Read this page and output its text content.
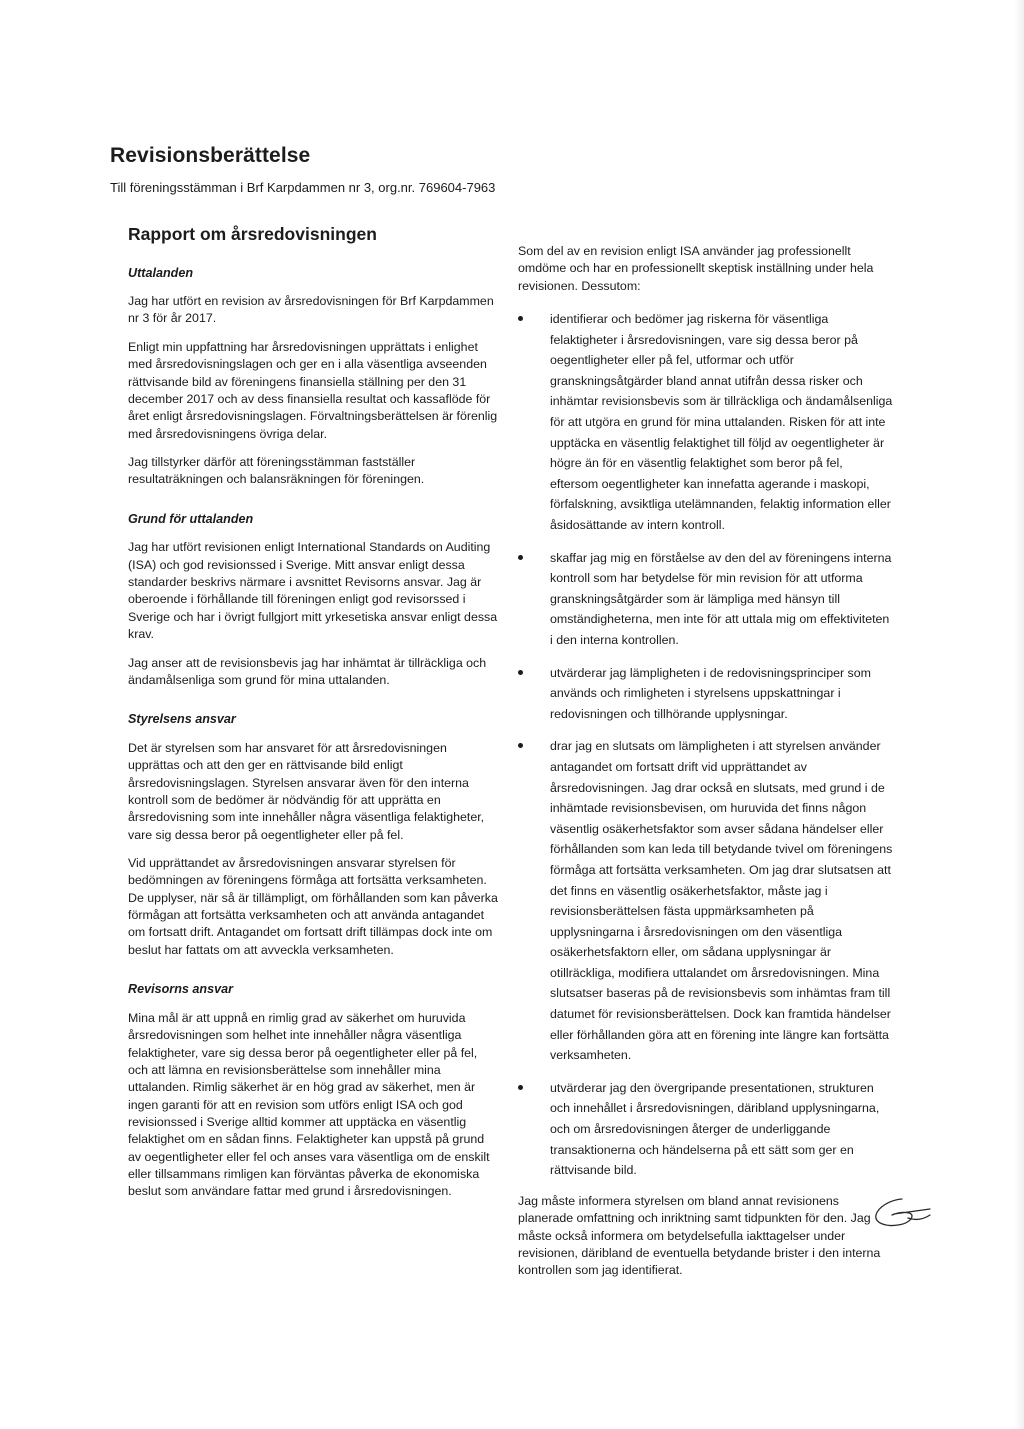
Revisionsberättelse

Till föreningsstämman i Brf Karpdammen nr 3, org.nr. 769604-7963

Rapport om årsredovisningen
Uttalanden

Jag har utfört en revision av årsredovisningen för Brf Karpdammen nr 3 för år 2017.

Enligt min uppfattning har årsredovisningen upprättats i enlighet med årsredovisningslagen och ger en i alla väsentliga avseenden rättvisande bild av föreningens finansiella ställning per den 31 december 2017 och av dess finansiella resultat och kassaflöde för året enligt årsredovisningslagen. Förvaltningsberättelsen är förenlig med årsredovisningens övriga delar.

Jag tillstyrker därför att föreningsstämman fastställer resultaträkningen och balansräkningen för föreningen.

Grund för uttalanden

Jag har utfört revisionen enligt International Standards on Auditing (ISA) och god revisionssed i Sverige. Mitt ansvar enligt dessa standarder beskrivs närmare i avsnittet Revisorns ansvar. Jag är oberoende i förhållande till föreningen enligt god revisorssed i Sverige och har i övrigt fullgjort mitt yrkesetiska ansvar enligt dessa krav.

Jag anser att de revisionsbevis jag har inhämtat är tillräckliga och ändamålsenliga som grund för mina uttalanden.

Styrelsens ansvar

Det är styrelsen som har ansvaret för att årsredovisningen upprättas och att den ger en rättvisande bild enligt årsredovisningslagen. Styrelsen ansvarar även för den interna kontroll som de bedömer är nödvändig för att upprätta en årsredovisning som inte innehåller några väsentliga felaktigheter, vare sig dessa beror på oegentligheter eller på fel.

Vid upprättandet av årsredovisningen ansvarar styrelsen för bedömningen av föreningens förmåga att fortsätta verksamheten. De upplyser, när så är tillämpligt, om förhållanden som kan påverka förmågan att fortsätta verksamheten och att använda antagandet om fortsatt drift. Antagandet om fortsatt drift tillämpas dock inte om beslut har fattats om att avveckla verksamheten.

Revisorns ansvar

Mina mål är att uppnå en rimlig grad av säkerhet om huruvida årsredovisningen som helhet inte innehåller några väsentliga felaktigheter, vare sig dessa beror på oegentligheter eller på fel, och att lämna en revisionsberättelse som innehåller mina uttalanden. Rimlig säkerhet är en hög grad av säkerhet, men är ingen garanti för att en revision som utförs enligt ISA och god revisionssed i Sverige alltid kommer att upptäcka en väsentlig felaktighet om en sådan finns. Felaktigheter kan uppstå på grund av oegentligheter eller fel och anses vara väsentliga om de enskilt eller tillsammans rimligen kan förväntas påverka de ekonomiska beslut som användare fattar med grund i årsredovisningen.

Som del av en revision enligt ISA använder jag professionellt omdöme och har en professionellt skeptisk inställning under hela revisionen. Dessutom:

identifierar och bedömer jag riskerna för väsentliga felaktigheter i årsredovisningen, vare sig dessa beror på oegentligheter eller på fel, utformar och utför granskningsåtgärder bland annat utifrån dessa risker och inhämtar revisionsbevis som är tillräckliga och ändamålsenliga för att utgöra en grund för mina uttalanden. Risken för att inte upptäcka en väsentlig felaktighet till följd av oegentligheter är högre än för en väsentlig felaktighet som beror på fel, eftersom oegentligheter kan innefatta agerande i maskopi, förfalskning, avsiktliga utelämnanden, felaktig information eller åsidosättande av intern kontroll.
skaffar jag mig en förståelse av den del av föreningens interna kontroll som har betydelse för min revision för att utforma granskningsåtgärder som är lämpliga med hänsyn till omständigheterna, men inte för att uttala mig om effektiviteten i den interna kontrollen.
utvärderar jag lämpligheten i de redovisningsprinciper som används och rimligheten i styrelsens uppskattningar i redovisningen och tillhörande upplysningar.
drar jag en slutsats om lämpligheten i att styrelsen använder antagandet om fortsatt drift vid upprättandet av årsredovisningen. Jag drar också en slutsats, med grund i de inhämtade revisionsbevisen, om huruvida det finns någon väsentlig osäkerhetsfaktor som avser sådana händelser eller förhållanden som kan leda till betydande tvivel om föreningens förmåga att fortsätta verksamheten. Om jag drar slutsatsen att det finns en väsentlig osäkerhetsfaktor, måste jag i revisionsberättelsen fästa uppmärksamheten på upplysningarna i årsredovisningen om den väsentliga osäkerhetsfaktorn eller, om sådana upplysningar är otillräckliga, modifiera uttalandet om årsredovisningen. Mina slutsatser baseras på de revisionsbevis som inhämtas fram till datumet för revisionsberättelsen. Dock kan framtida händelser eller förhållanden göra att en förening inte längre kan fortsätta verksamheten.
utvärderar jag den övergripande presentationen, strukturen och innehållet i årsredovisningen, däribland upplysningarna, och om årsredovisningen återger de underliggande transaktionerna och händelserna på ett sätt som ger en rättvisande bild.

Jag måste informera styrelsen om bland annat revisionens planerade omfattning och inriktning samt tidpunkten för den. Jag måste också informera om betydelsefulla iakttagelser under revisionen, däribland de eventuella betydande brister i den interna kontrollen som jag identifierat.
